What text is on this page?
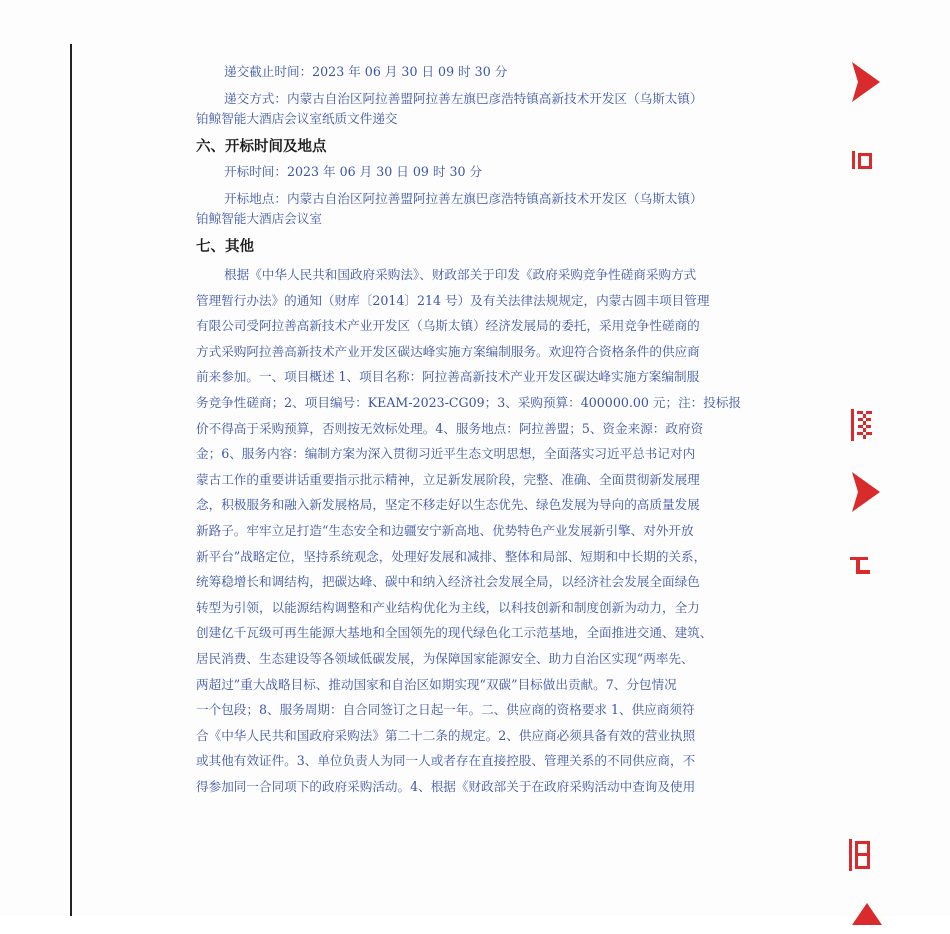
递交截止时间：2023 年 06 月 30 日 09 时 30 分
递交方式：内蒙古自治区阿拉善盟阿拉善左旗巴彦浩特镇高新技术开发区（乌斯太镇）
铂鲸智能大酒店会议室纸质文件递交
六、开标时间及地点
开标时间：2023 年 06 月 30 日 09 时 30 分
开标地点：内蒙古自治区阿拉善盟阿拉善左旗巴彦浩特镇高新技术开发区（乌斯太镇）
铂鲸智能大酒店会议室
七、其他
根据《中华人民共和国政府采购法》、财政部关于印发《政府采购竞争性磋商采购方式
管理暂行办法》的通知（财库〔2014〕214 号）及有关法律法规规定，内蒙古圆丰项目管理
有限公司受阿拉善高新技术产业开发区（乌斯太镇）经济发展局的委托，采用竞争性磋商的
方式采购阿拉善高新技术产业开发区碳达峰实施方案编制服务。欢迎符合资格条件的供应商
前来参加。一、项目概述 1、项目名称：阿拉善高新技术产业开发区碳达峰实施方案编制服
务竞争性磋商；2、项目编号：KEAM-2023-CG09；3、采购预算：400000.00 元；注：投标报
价不得高于采购预算，否则按无效标处理。4、服务地点：阿拉善盟；5、资金来源：政府资
金；6、服务内容：编制方案为深入贯彻习近平生态文明思想，全面落实习近平总书记对内
蒙古工作的重要讲话重要指示批示精神，立足新发展阶段，完整、准确、全面贯彻新发展理
念，积极服务和融入新发展格局，坚定不移走好以生态优先、绿色发展为导向的高质量发展
新路子。牢牢立足打造“生态安全和边疆安宁新高地、优势特色产业发展新引擎、对外开放
新平台”战略定位，坚持系统观念，处理好发展和减排、整体和局部、短期和中长期的关系，
统筹稳增长和调结构，把碳达峰、碳中和纳入经济社会发展全局，以经济社会发展全面绿色
转型为引领，以能源结构调整和产业结构优化为主线，以科技创新和制度创新为动力，全力
创建亿千瓦级可再生能源大基地和全国领先的现代绿色化工示范基地，全面推进交通、建筑、
居民消费、生态建设等各领域低碳发展，为保障国家能源安全、助力自治区实现“两率先、
两超过”重大战略目标、推动国家和自治区如期实现“双碳”目标做出贡献。7、分包情况
一个包段；8、服务周期：自合同签订之日起一年。二、供应商的资格要求 1、供应商须符
合《中华人民共和国政府采购法》第二十二条的规定。2、供应商必须具备有效的营业执照
或其他有效证件。3、单位负责人为同一人或者存在直接控股、管理关系的不同供应商，不
得参加同一合同项下的政府采购活动。4、根据《财政部关于在政府采购活动中查询及使用
